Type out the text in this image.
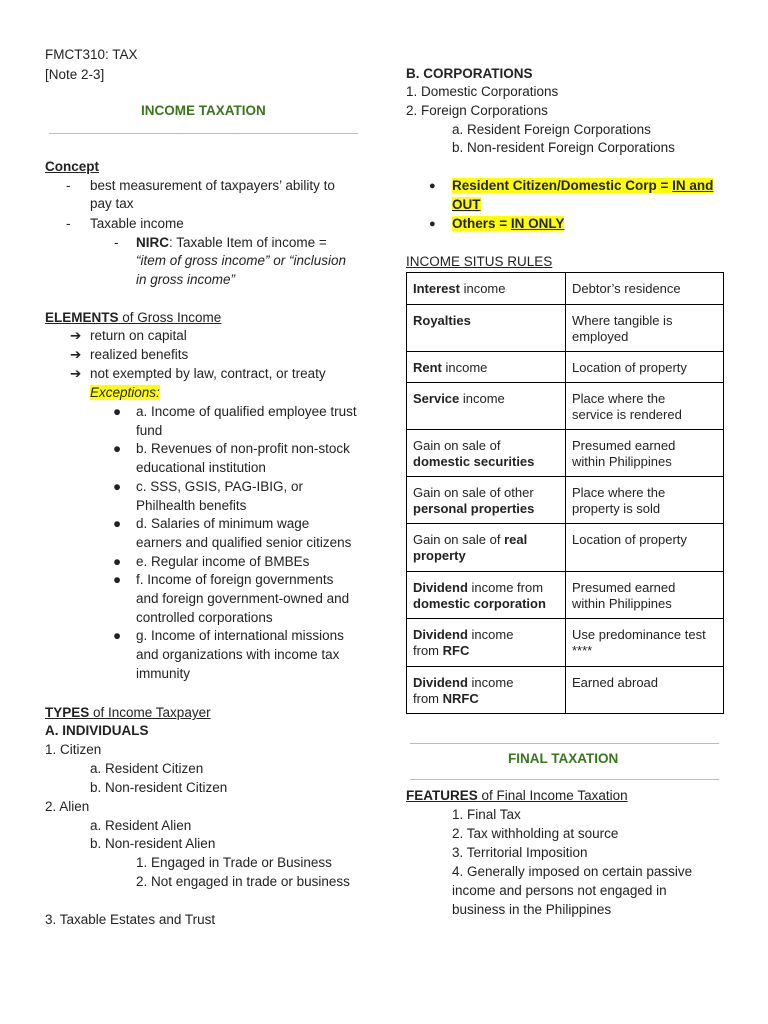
FMCT310: TAX
[Note 2-3]
INCOME TAXATION
Concept
- best measurement of taxpayers’ ability to
pay tax
- Taxable income
- NIRC: Taxable Item of income =
“item of gross income” or “inclusion
in gross income”
ELEMENTS of Gross Income
➔ return on capital
➔ realized benefits
➔ not exempted by law, contract, or treaty
Exceptions:
● a. Income of qualified employee trust
fund
● b. Revenues of non-profit non-stock
educational institution
● c. SSS, GSIS, PAG-IBIG, or
Philhealth benefits
● d. Salaries of minimum wage
earners and qualified senior citizens
● e. Regular income of BMBEs
● f. Income of foreign governments
and foreign government-owned and
controlled corporations
● g. Income of international missions
and organizations with income tax
immunity
TYPES of Income Taxpayer
A. INDIVIDUALS
1. Citizen
a. Resident Citizen
b. Non-resident Citizen
2. Alien
a. Resident Alien
b. Non-resident Alien
1. Engaged in Trade or Business
2. Not engaged in trade or business
3. Taxable Estates and Trust
B. CORPORATIONS
1. Domestic Corporations
2. Foreign Corporations
a. Resident Foreign Corporations
b. Non-resident Foreign Corporations
● Resident Citizen/Domestic Corp = IN and
OUT
● Others = IN ONLY
INCOME SITUS RULES
Interest income	Debtor’s residence
Royalties	Where tangible is
employed
Rent income	Location of property
Service income	Place where the
service is rendered
Gain on sale of
domestic securities	Presumed earned
within Philippines
Gain on sale of other
personal properties	Place where the
property is sold
Gain on sale of real
property	Location of property
Dividend income from
domestic corporation	Presumed earned
within Philippines
Dividend income
from RFC	Use predominance test
****
Dividend income
from NRFC	Earned abroad
FINAL TAXATION
FEATURES of Final Income Taxation
1. Final Tax
2. Tax withholding at source
3. Territorial Imposition
4. Generally imposed on certain passive
income and persons not engaged in
business in the Philippines
